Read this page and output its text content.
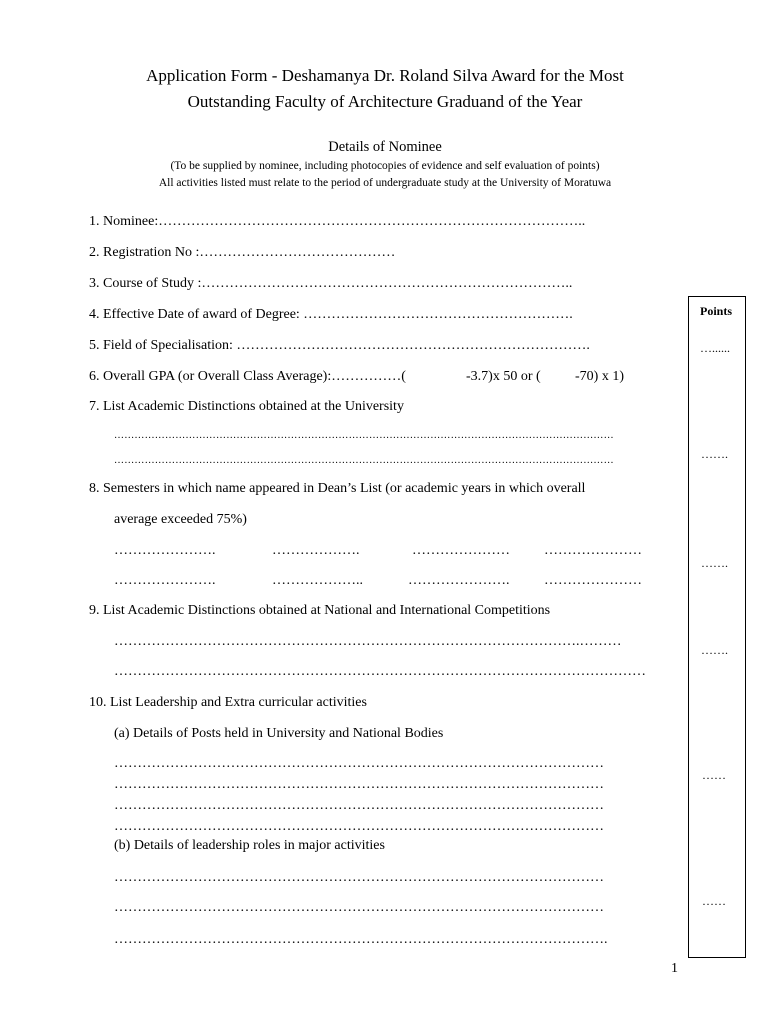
Application Form - Deshamanya Dr. Roland Silva Award for the Most
Outstanding Faculty of Architecture Graduand of the Year
Details of Nominee
(To be supplied by nominee, including photocopies of evidence and self evaluation of points)
All activities listed must relate to the period of undergraduate study at the University of Moratuwa
1. Nominee:………………………………………………………………………………..
2. Registration No :……………………………………
3. Course of Study :……………………………………………………………………..
4. Effective Date of award of Degree: ………………………………………………….
5. Field of Specialisation: ………………………………………………………………….
6. Overall GPA (or Overall Class Average):……………(	-3.7)x 50 or ( -70) x 1)
7. List Academic Distinctions obtained at the University
…………………………………………………………………………………………………………………………………
…………………………………………………………………………………………………………………………………
8. Semesters in which name appeared in Dean’s List (or academic years in which overall
average exceeded 75%)
………………….	……………….	………………… …………………
………………….	………………..	…………………. …………………
9. List Academic Distinctions obtained at National and International Competitions
……………………………………………………………………………………….………
……………………………………………………………………………………………………
10. List Leadership and Extra curricular activities
(a) Details of Posts held in University and National Bodies
……………………………………………………………………………………………
……………………………………………………………………………………………
……………………………………………………………………………………………
……………………………………………………………………………………………
(b) Details of leadership roles in major activities
……………………………………………………………………………………………
……………………………………………………………………………………………
…………………………………………………………………………………………….
Points
…......
…….
…….
…….
……
……
1
